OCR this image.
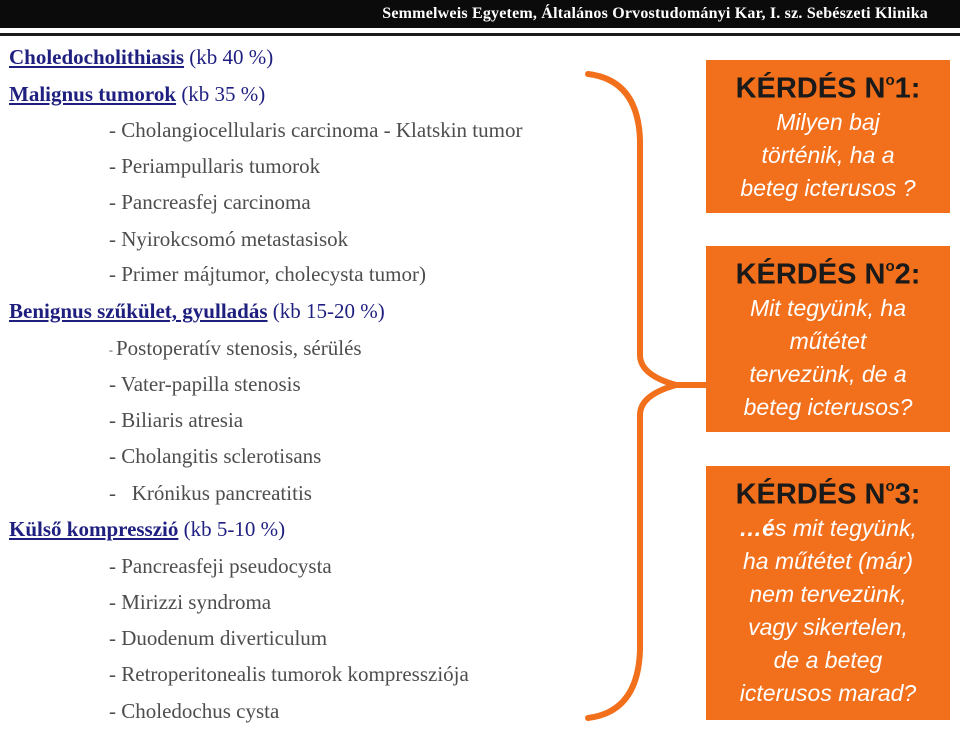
Semmelweis Egyetem, Általános Orvostudományi Kar, I. sz. Sebészeti Klinika
Choledocholithiasis (kb 40 %)
Malignus tumorok (kb 35 %)
- Cholangiocellularis carcinoma - Klatskin tumor
- Periampullaris tumorok
- Pancreasfej carcinoma
- Nyirokcsomó metastasisok
- Primer májtumor, cholecysta tumor)
Benignus szűkület, gyulladás (kb 15-20 %)
- Postoperatív stenosis, sérülés
- Vater-papilla stenosis
- Biliaris atresia
- Cholangitis sclerotisans
-   Krónikus pancreatitis
Külső kompresszió (kb 5-10 %)
- Pancreasfeji pseudocysta
- Mirizzi syndroma
- Duodenum diverticulum
- Retroperitonealis tumorok kompressziója
- Choledochus cysta
KÉRDÉS $N^o1$:
Milyen baj
történik, ha a
beteg icterusos ?
KÉRDÉS $N^o2$:
Mit tegyünk, ha
műtétet
tervezünk, de a
beteg icterusos?
KÉRDÉS $N^o3$:
…és mit tegyünk,
ha műtétet (már)
nem tervezünk,
vagy sikertelen,
de a beteg
icterusos marad?
